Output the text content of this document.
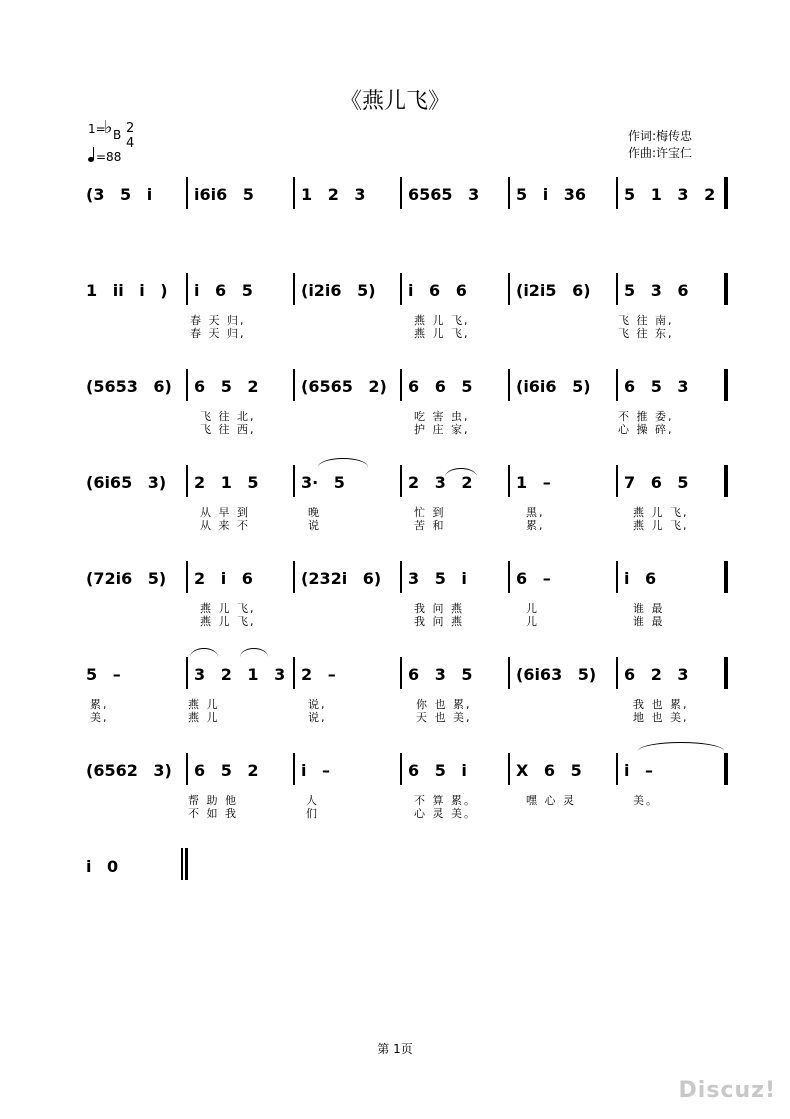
《燕儿飞》
1=
♭ B 2
4
=88
作词:梅传忠
作曲:许宝仁
(3 5 i	i6i6 5	1 2 3	6565 3	5 i 36	5 1 3 2
1 ii i )	i 6 5	(i2i6 5)	i 6 6	(i2i5 6)	5 3 6
春 天 归,	燕 儿 飞,	飞 往 南,
春 天 归,	燕 儿 飞,	飞 往 东,
(5653 6)	6 5 2	(6565 2)	6 6 5	(i6i6 5)	6 5 3
飞 往 北,	吃 害 虫,	不 推 委,
飞 往 西,	护 庄 家,	心 操 碎,
(6i65 3)	2 1 5	3· 5	2 3 2	1 –	7 6 5
从 早 到	晚	忙 到	黑,	燕 儿 飞,
从 来 不	说	苦 和	累,	燕 儿 飞,
(72i6 5)	2 i 6	(232i 6)	3 5 i	6 –	i 6
燕 儿 飞,	我 问 燕	儿	谁 最
燕 儿 飞,	我 问 燕	儿	谁 最
5 –	3 2 1 3 2 –	6 3 5	(6i63 5)	6 2 3
累,	燕 儿	说,	你 也 累,	我 也 累,
美,	燕 儿	说,	天 也 美,	地 也 美,
(6562 3)	6 5 2	i –	6 5 i	X 6 5	i –
帮 助 他	人	不 算 累。	嘿 心 灵	美。
不 如 我	们	心 灵 美。
i 0
第 1页
Discuz!
